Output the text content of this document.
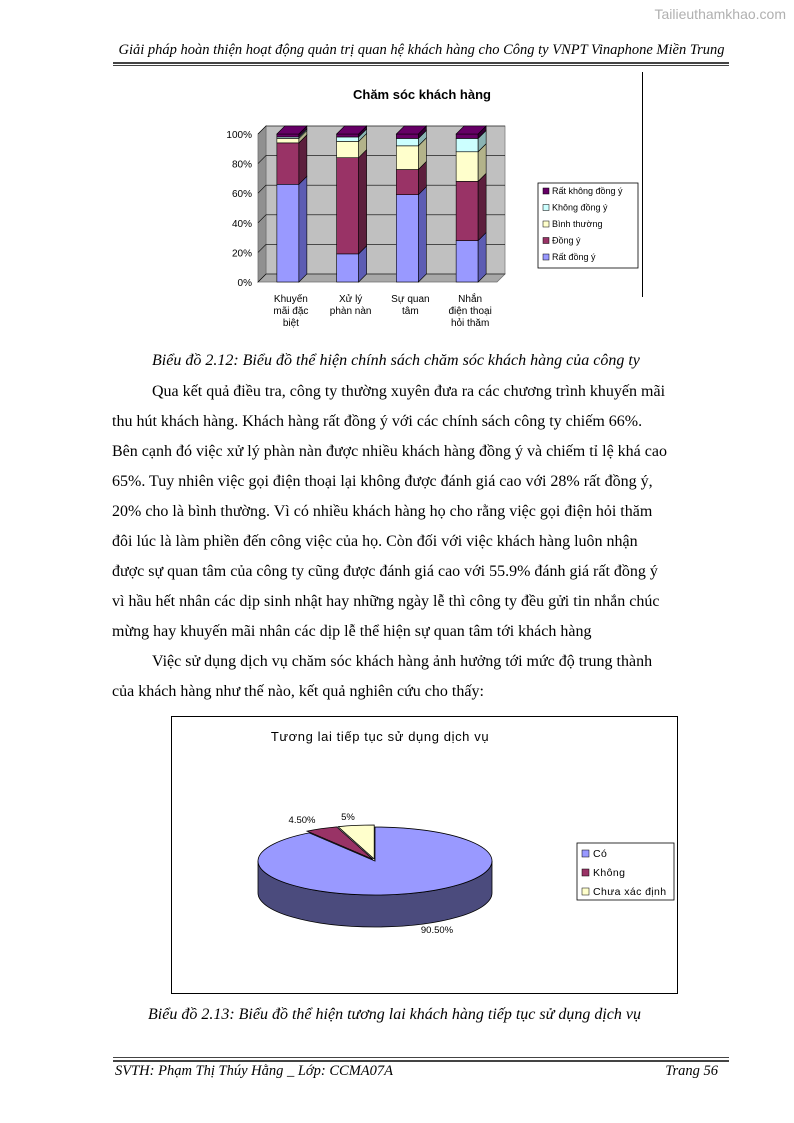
Tailieuthamkhao.com
Giải pháp hoàn thiện hoạt động quản trị quan hệ khách hàng cho Công ty VNPT Vinaphone Miền Trung
Chăm sóc khách hàng
0%
20%
40%
60%
80%
100%
Khuyến
mãi đặc
biệt
Xử lý
phàn nàn
Sự quan
tâm
Nhắn
điện thoại
hỏi thăm
Rất không đồng ý
Không đồng ý
Bình thường
Đồng ý
Rất đồng ý
Biểu đồ 2.12: Biểu đồ thể hiện chính sách chăm sóc khách hàng của công ty
Qua kết quả điều tra, công ty thường xuyên đưa ra các chương trình khuyến mãi
thu hút khách hàng. Khách hàng rất đồng ý với các chính sách công ty chiếm 66%.
Bên cạnh đó việc xử lý phàn nàn được nhiều khách hàng đồng ý và chiếm tỉ lệ khá cao
65%. Tuy nhiên việc gọi điện thoại lại không được đánh giá cao với 28% rất đồng ý,
20% cho là bình thường. Vì có nhiều khách hàng họ cho rằng việc gọi điện hỏi thăm
đôi lúc là làm phiền đến công việc của họ. Còn đối với việc khách hàng luôn nhận
được sự quan tâm của công ty cũng được đánh giá cao với 55.9% đánh giá rất đồng ý
vì hầu hết nhân các dịp sinh nhật hay những ngày lễ thì công ty đều gửi tin nhắn chúc
mừng hay khuyến mãi nhân các dịp lễ thể hiện sự quan tâm tới khách hàng
Việc sử dụng dịch vụ chăm sóc khách hàng ảnh hưởng tới mức độ trung thành
của khách hàng như thế nào, kết quả nghiên cứu cho thấy:
Tương lai tiếp tục sử dụng dịch vụ
90.50%
4.50%	5%
Có
Không
Chưa xác định
Biểu đồ 2.13: Biểu đồ thể hiện tương lai khách hàng tiếp tục sử dụng dịch vụ
SVTH: Phạm Thị Thúy Hằng _ Lớp: CCMA07A	Trang 56
